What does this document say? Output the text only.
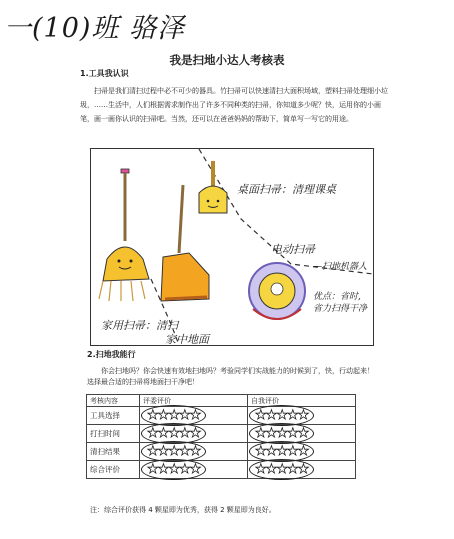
一(10)班 骆泽
我是扫地小达人考核表
1.工具我认识
扫帚是我们清扫过程中必不可少的器具。竹扫帚可以快速清扫大面积场域，塑料扫帚处理细小垃圾，……生活中，人们根据需求制作出了许多不同种类的扫帚，你知道多少呢？快，运用你的小画笔，画一画你认识的扫帚吧。当然，还可以在爸爸妈妈的帮助下，简单写一写它的用途。
桌面扫帚：清理课桌
电动扫帚
—扫地机器人
优点：省时,省力扫得干净
家用扫帚：清扫
家中地面
2.扫地我能行
你会扫地吗？你会快速有效地扫地吗？考验同学们实战能力的时候到了，快，行动起来！选择最合适的扫帚将地面扫干净吧！
考核内容	评委评价	自我评价
工具选择	★★★★★	★★★★★
打扫时间	★★★★★	★★★★★
清扫结果	★★★★★	★★★★★
综合评价	★★★★★	★★★★★
注：综合评价获得 4 颗星即为优秀，获得 2 颗星即为良好。
